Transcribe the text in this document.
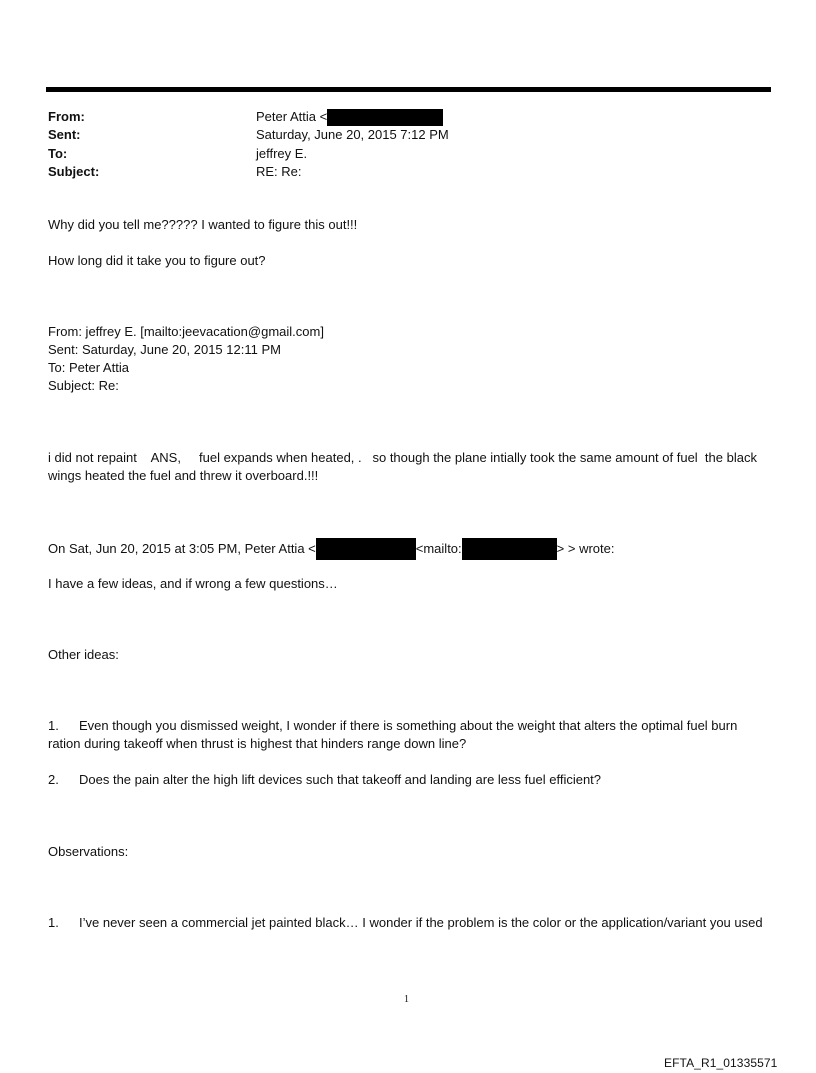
From:	Peter Attia <
Sent:	Saturday, June 20, 2015 7:12 PM
To:	jeffrey E.
Subject:	RE: Re:
Why did you tell me????? I wanted to figure this out!!!
How long did it take you to figure out?
From: jeffrey E. [mailto:jeevacation@gmail.com]
Sent: Saturday, June 20, 2015 12:11 PM
To: Peter Attia
Subject: Re:
i did not repaint    ANS,     fuel expands when heated, .   so though the plane intially took the same amount of fuel  the black wings heated the fuel and threw it overboard.!!!
On Sat, Jun 20, 2015 at 3:05 PM, Peter Attia <	<mailto:	> > wrote:
I have a few ideas, and if wrong a few questions…
Other ideas:
1. Even though you dismissed weight, I wonder if there is something about the weight that alters the optimal fuel burn ration during takeoff when thrust is highest that hinders range down line?
2. Does the pain alter the high lift devices such that takeoff and landing are less fuel efficient?
Observations:
1. I’ve never seen a commercial jet painted black… I wonder if the problem is the color or the application/variant you used
1
EFTA_R1_01335571
